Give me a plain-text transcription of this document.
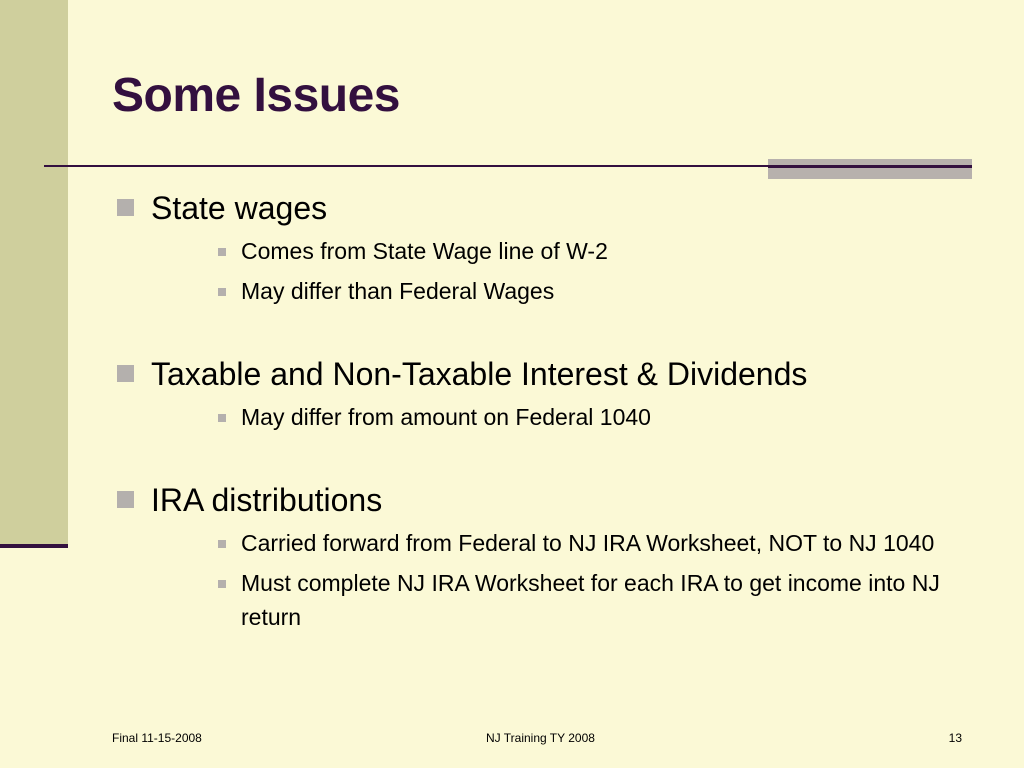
Some Issues
State wages
Comes from State Wage line of W-2
May differ than Federal Wages
Taxable and Non-Taxable Interest & Dividends
May differ from amount on Federal 1040
IRA distributions
Carried forward from Federal to NJ IRA Worksheet, NOT to NJ 1040
Must complete NJ IRA Worksheet for each IRA to get income into NJ return
Final 11-15-2008	NJ Training TY 2008	13
